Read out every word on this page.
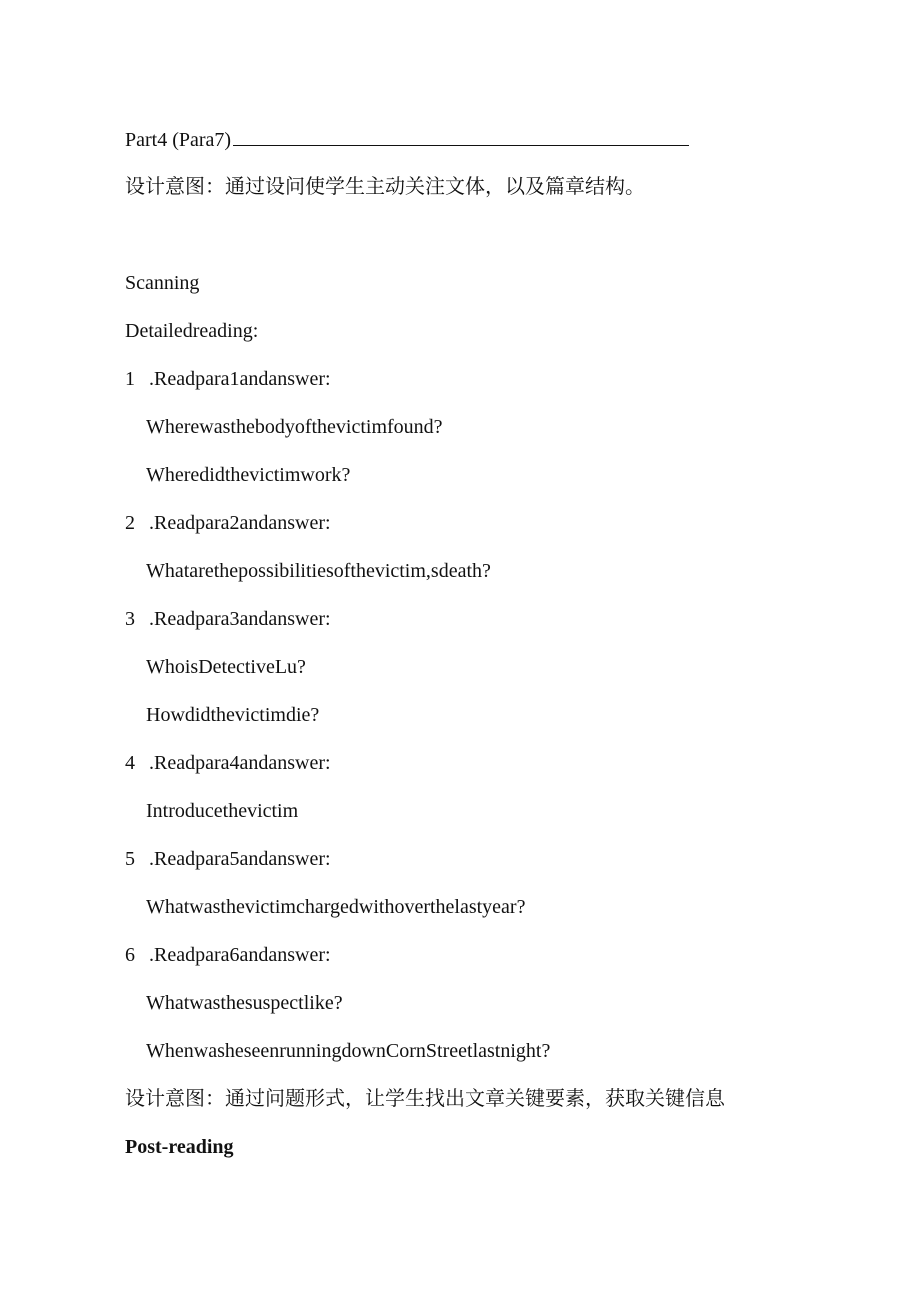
Part4 (Para7)
设计意图：通过设问使学生主动关注文体，以及篇章结构。
Scanning
Detailedreading:
1 .Readpara1andanswer:
Wherewasthebodyofthevictimfound?
Wheredidthevictimwork?
2 .Readpara2andanswer:
Whatarethepossibilitiesofthevictim,sdeath?
3 .Readpara3andanswer:
WhoisDetectiveLu?
Howdidthevictimdie?
4 .Readpara4andanswer:
Introducethevictim
5 .Readpara5andanswer:
Whatwasthevictimchargedwithoverthelastyear?
6 .Readpara6andanswer:
Whatwasthesuspectlike?
WhenwasheseenrunningdownCornStreetlastnight?
设计意图：通过问题形式，让学生找出文章关键要素，获取关键信息
Post-reading
